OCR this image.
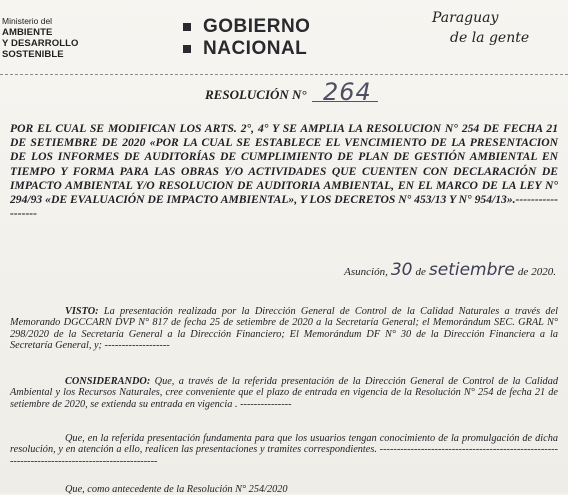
Ministerio del
AMBIENTE
Y DESARROLLO
SOSTENIBLE
GOBIERNO
NACIONAL
Paraguay
de la gente
RESOLUCIÓN N° 264
POR EL CUAL SE MODIFICAN LOS ARTS. 2°, 4° Y SE AMPLIA LA RESOLUCION N° 254 DE FECHA 21 DE SETIEMBRE DE 2020 «POR LA CUAL SE ESTABLECE EL VENCIMIENTO DE LA PRESENTACION DE LOS INFORMES DE AUDITORÍAS DE CUMPLIMIENTO DE PLAN DE GESTIÓN AMBIENTAL EN TIEMPO Y FORMA PARA LAS OBRAS Y/O ACTIVIDADES QUE CUENTEN CON DECLARACIÓN DE IMPACTO AMBIENTAL Y/O RESOLUCION DE AUDITORIA AMBIENTAL, EN EL MARCO DE LA LEY N° 294/93 «DE EVALUACIÓN DE IMPACTO AMBIENTAL», Y LOS DECRETOS N° 453/13 Y N° 954/13».------------------
Asunción, 30 de setiembre de 2020.
VISTO: La presentación realizada por la Dirección General de Control de la Calidad Naturales a través del Memorando DGCCARN DVP N° 817 de fecha 25 de setiembre de 2020 a la Secretaría General; el Memorándum SEC. GRAL N° 298/2020 de la Secretaría General a la Dirección Financiero; El Memorándum DF N° 30 de la Dirección Financiera a la Secretaría General, y; -------------------
CONSIDERANDO: Que, a través de la referida presentación de la Dirección General de Control de la Calidad Ambiental y los Recursos Naturales, cree conveniente que el plazo de entrada en vigencia de la Resolución N° 254 de fecha 21 de setiembre de 2020, se extienda su entrada en vigencia . ---------------
Que, en la referida presentación fundamenta para que los usuarios tengan conocimiento de la promulgación de dicha resolución, y en atención a ello, realicen las presentaciones y tramites correspondientes. -----------------------------------------------------------------------------------------------
Que, como antecedente de la Resolución N° 254/2020
